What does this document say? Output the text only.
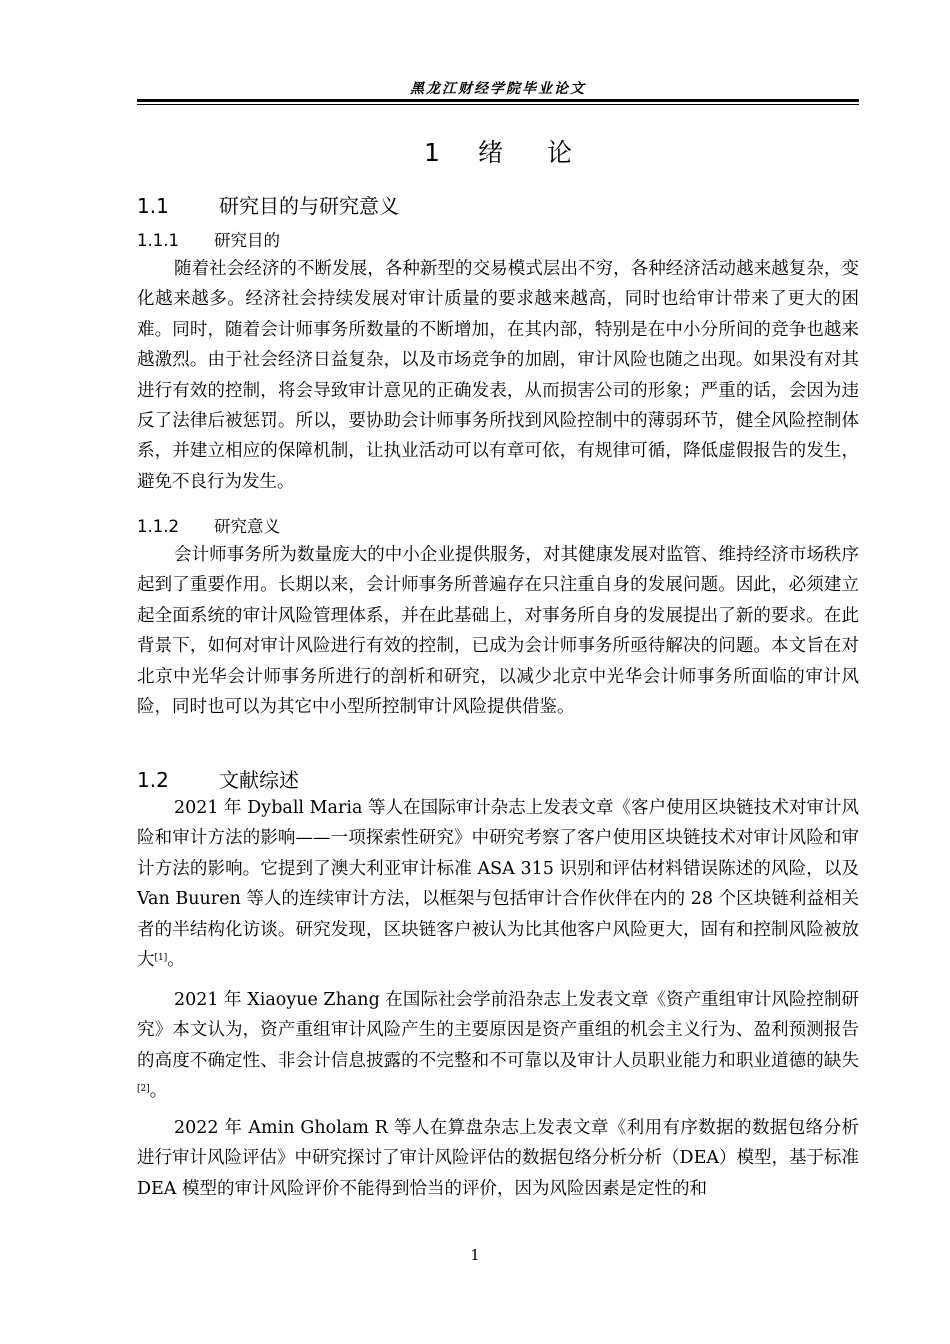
黑龙江财经学院毕业论文
1 绪 论
1.1	研究目的与研究意义
1.1.1 研究目的

随着社会经济的不断发展，各种新型的交易模式层出不穷，各种经济活动越来越复杂，变化越来越多。经济社会持续发展对审计质量的要求越来越高，同时也给审计带来了更大的困难。同时，随着会计师事务所数量的不断增加，在其内部，特别是在中小分所间的竞争也越来越激烈。由于社会经济日益复杂，以及市场竞争的加剧，审计风险也随之出现。如果没有对其进行有效的控制，将会导致审计意见的正确发表，从而损害公司的形象；严重的话，会因为违反了法律后被惩罚。所以，要协助会计师事务所找到风险控制中的薄弱环节，健全风险控制体系，并建立相应的保障机制，让执业活动可以有章可依，有规律可循，降低虚假报告的发生，避免不良行为发生。

1.1.2 研究意义

会计师事务所为数量庞大的中小企业提供服务，对其健康发展对监管、维持经济市场秩序起到了重要作用。长期以来，会计师事务所普遍存在只注重自身的发展问题。因此，必须建立起全面系统的审计风险管理体系，并在此基础上，对事务所自身的发展提出了新的要求。在此背景下，如何对审计风险进行有效的控制，已成为会计师事务所亟待解决的问题。本文旨在对北京中光华会计师事务所进行的剖析和研究，以减少北京中光华会计师事务所面临的审计风险，同时也可以为其它中小型所控制审计风险提供借鉴。

1.2	文献综述

2021 年 Dyball Maria 等人在国际审计杂志上发表文章《客户使用区块链技术对审计风险和审计方法的影响——一项探索性研究》中研究考察了客户使用区块链技术对审计风险和审计方法的影响。它提到了澳大利亚审计标准 ASA 315 识别和评估材料错误陈述的风险，以及 Van Buuren 等人的连续审计方法，以框架与包括审计合作伙伴在内的 28 个区块链利益相关者的半结构化访谈。研究发现，区块链客户被认为比其他客户风险更大，固有和控制风险被放大[1]。

2021 年 Xiaoyue Zhang 在国际社会学前沿杂志上发表文章《资产重组审计风险控制研究》本文认为，资产重组审计风险产生的主要原因是资产重组的机会主义行为、盈利预测报告的高度不确定性、非会计信息披露的不完整和不可靠以及审计人员职业能力和职业道德的缺失[2]。

2022 年 Amin Gholam R 等人在算盘杂志上发表文章《利用有序数据的数据包络分析进行审计风险评估》中研究探讨了审计风险评估的数据包络分析分析（DEA）模型，基于标准 DEA 模型的审计风险评价不能得到恰当的评价，因为风险因素是定性的和

1
